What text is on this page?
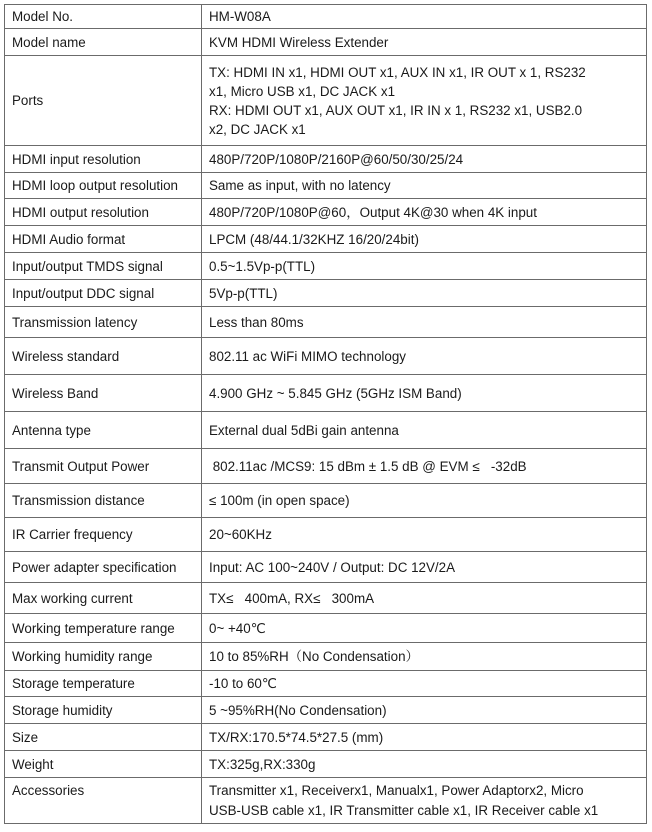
Model No.	HM-W08A
Model name	KVM HDMI Wireless Extender
Ports	TX: HDMI IN x1, HDMI OUT x1, AUX IN x1, IR OUT x 1, RS232
x1, Micro USB x1, DC JACK x1
RX: HDMI OUT x1, AUX OUT x1, IR IN x 1, RS232 x1, USB2.0
x2, DC JACK x1

HDMI input resolution	480P/720P/1080P/2160P@60/50/30/25/24
HDMI loop output resolution	Same as input, with no latency
HDMI output resolution	480P/720P/1080P@60，Output 4K@30 when 4K input
HDMI Audio format	LPCM (48/44.1/32KHZ 16/20/24bit)
Input/output TMDS signal	0.5~1.5Vp-p(TTL)
Input/output DDC signal	5Vp-p(TTL)
Transmission latency	Less than 80ms
Wireless standard	802.11 ac WiFi MIMO technology
Wireless Band	4.900 GHz ~ 5.845 GHz (5GHz ISM Band)
Antenna type	External dual 5dBi gain antenna
Transmit Output Power	802.11ac /MCS9: 15 dBm ± 1.5 dB @ EVM ≤   -32dB
Transmission distance	≤ 100m (in open space)
IR Carrier frequency	20~60KHz
Power adapter specification	Input: AC 100~240V / Output: DC 12V/2A
Max working current	TX≤   400mA, RX≤   300mA
Working temperature range	0~ +40℃
Working humidity range	10 to 85%RH（No Condensation）
Storage temperature	-10 to 60℃
Storage humidity	5 ~95%RH(No Condensation)
Size	TX/RX:170.5*74.5*27.5 (mm)
Weight	TX:325g,RX:330g
Accessories	Transmitter x1, Receiverx1, Manualx1, Power Adaptorx2, Micro
USB-USB cable x1, IR Transmitter cable x1, IR Receiver cable x1
